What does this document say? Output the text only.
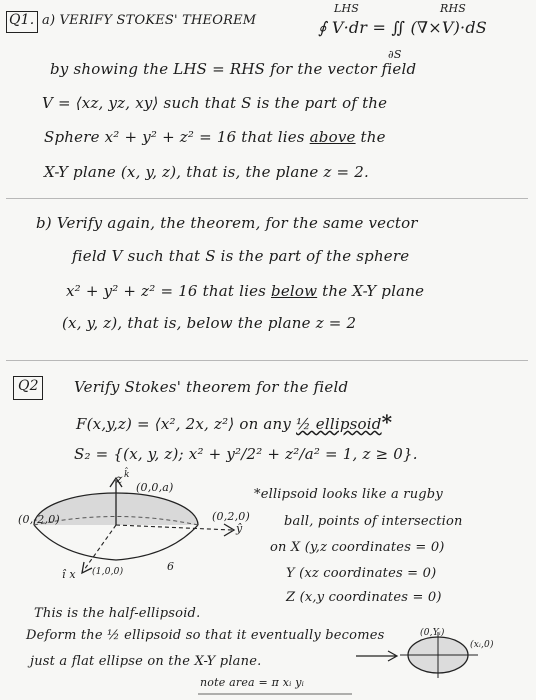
Q1. a) VERIFY STOKES' THEOREM
LHS	RHS
∮ V·dr = ∬ (∇×V)·dS
∂S
by showing the LHS = RHS for the vector field
V = ⟨xz, yz, xy⟩ such that S is the part of the
Sphere x² + y² + z² = 16 that lies above the
X-Y plane (x, y, z), that is, the plane z = 2.
b) Verify again, the theorem, for the same vector
field V such that S is the part of the sphere
x² + y² + z² = 16 that lies below the X-Y plane
(x, y, z), that is, below the plane z = 2
Q2 Verify Stokes' theorem for the field
F(x,y,z) = ⟨x², 2x, z²⟩ on any ½ ellipsoid*
S₂ = {(x, y, z); x² + y²/2² + z²/a² = 1, z ≥ 0}.
z k̂
(0,0,a)
(0,-2,0)	(0,2,0)
ŷ
î x (1,0,0)	6
*ellipsoid looks like a rugby
ball, points of intersection
on X (y,z coordinates = 0)
Y (xz coordinates = 0)
Z (x,y coordinates = 0)
This is the half-ellipsoid.
Deform the ½ ellipsoid so that it eventually becomes
just a flat ellipse on the X-Y plane.
note area = π xᵢ yᵢ
(0,Yᵢ)
(xᵢ,0)
